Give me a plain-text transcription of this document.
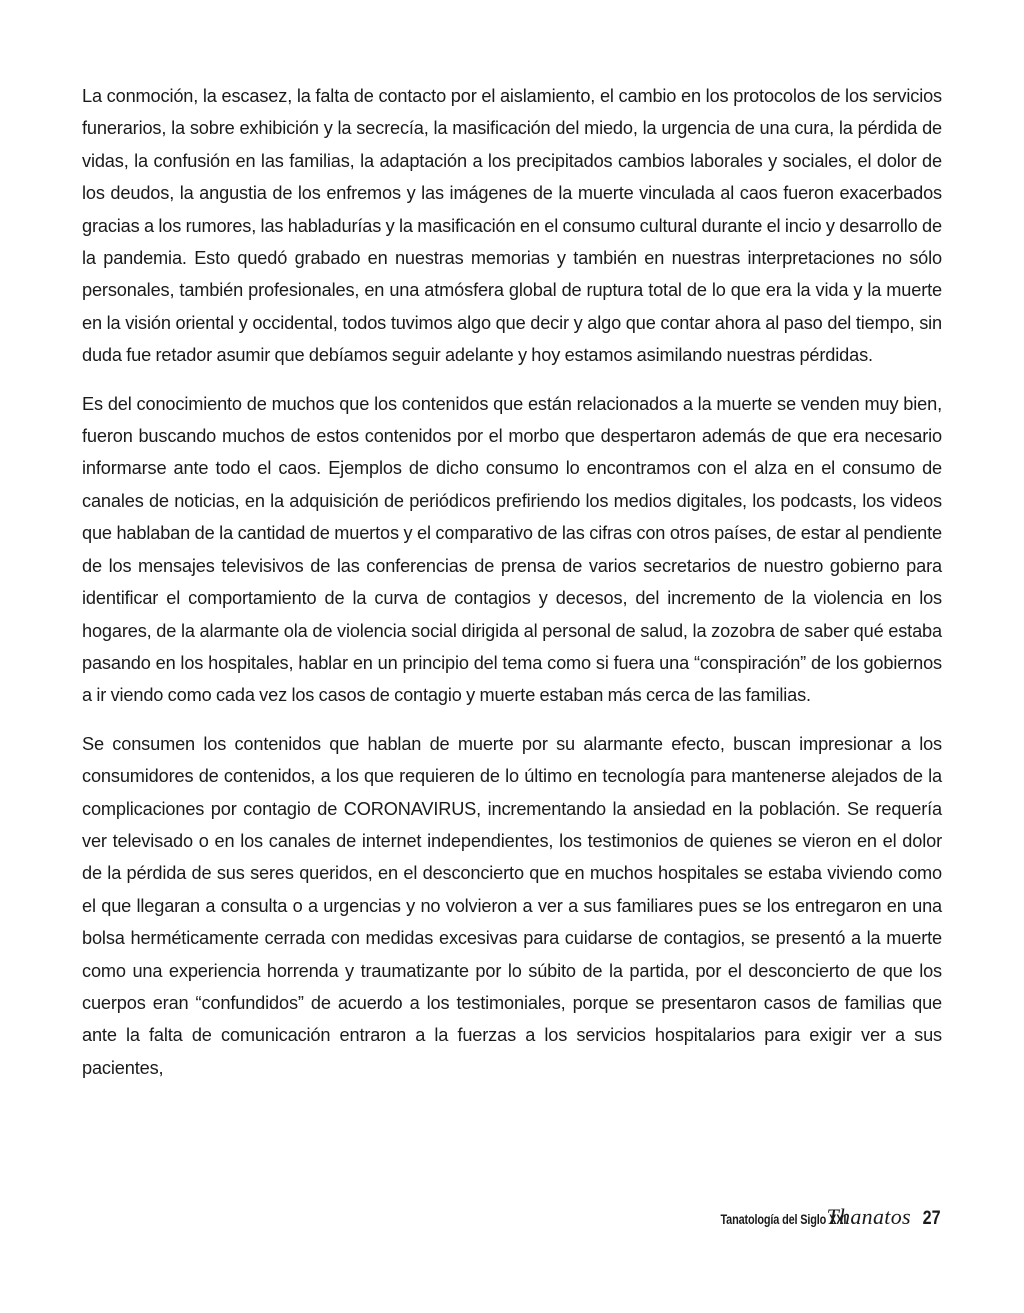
La conmoción, la escasez, la falta de contacto por el aislamiento, el cambio en los protocolos de los servicios funerarios, la sobre exhibición y la secrecía, la masificación del miedo, la urgencia de una cura, la pérdida de vidas, la confusión en las familias, la adaptación a los precipitados cambios laborales y sociales, el dolor de los deudos, la angustia de los enfremos y las imágenes de la muerte vinculada al caos fueron exacerbados gracias a los rumores, las habladurías y la masificación en el consumo cultural durante el incio y desarrollo de la pandemia. Esto quedó grabado en nuestras memorias y también en nuestras interpretaciones no sólo personales, también profesionales, en una atmósfera global de ruptura total de lo que era la vida y la muerte en la visión oriental y occidental, todos tuvimos algo que decir y algo que contar ahora al paso del tiempo, sin duda fue retador asumir que debíamos seguir adelante y hoy estamos asimilando nuestras pérdidas.

Es del conocimiento de muchos que los contenidos que están relacionados a la muerte se venden muy bien, fueron buscando muchos de estos contenidos por el morbo que despertaron además de que era necesario informarse ante todo el caos. Ejemplos de dicho consumo lo encontramos con el alza en el consumo de canales de noticias, en la adquisición de periódicos prefiriendo los medios digitales, los podcasts, los videos que hablaban de la cantidad de muertos y el comparativo de las cifras con otros países, de estar al pendiente de los mensajes televisivos de las conferencias de prensa de varios secretarios de nuestro gobierno para identificar el comportamiento de la curva de contagios y decesos, del incremento de la violencia en los hogares, de la alarmante ola de violencia social dirigida al personal de salud, la zozobra de saber qué estaba pasando en los hospitales, hablar en un principio del tema como si fuera una “conspiración” de los gobiernos a ir viendo como cada vez los casos de contagio y muerte estaban más cerca de las familias.

Se consumen los contenidos que hablan de muerte por su alarmante efecto, buscan impresionar a los consumidores de contenidos, a los que requieren de lo último en tecnología para mantenerse alejados de la complicaciones por contagio de CORONAVIRUS, incrementando la ansiedad en la población. Se requería ver televisado o en los canales de internet independientes, los testimonios de quienes se vieron en el dolor de la pérdida de sus seres queridos, en el desconcierto que en muchos hospitales se estaba viviendo como el que llegaran a consulta o a urgencias y no volvieron a ver a sus familiares pues se los entregaron en una bolsa herméticamente cerrada con medidas excesivas para cuidarse de contagios, se presentó a la muerte como una experiencia horrenda y traumatizante por lo súbito de la partida, por el desconcierto de que los cuerpos eran “confundidos” de acuerdo a los testimoniales, porque se presentaron casos de familias que ante la falta de comunicación entraron a la fuerzas a los servicios hospitalarios para exigir ver a sus pacientes,

Tanatología del Siglo XXI
Thanatos 27
